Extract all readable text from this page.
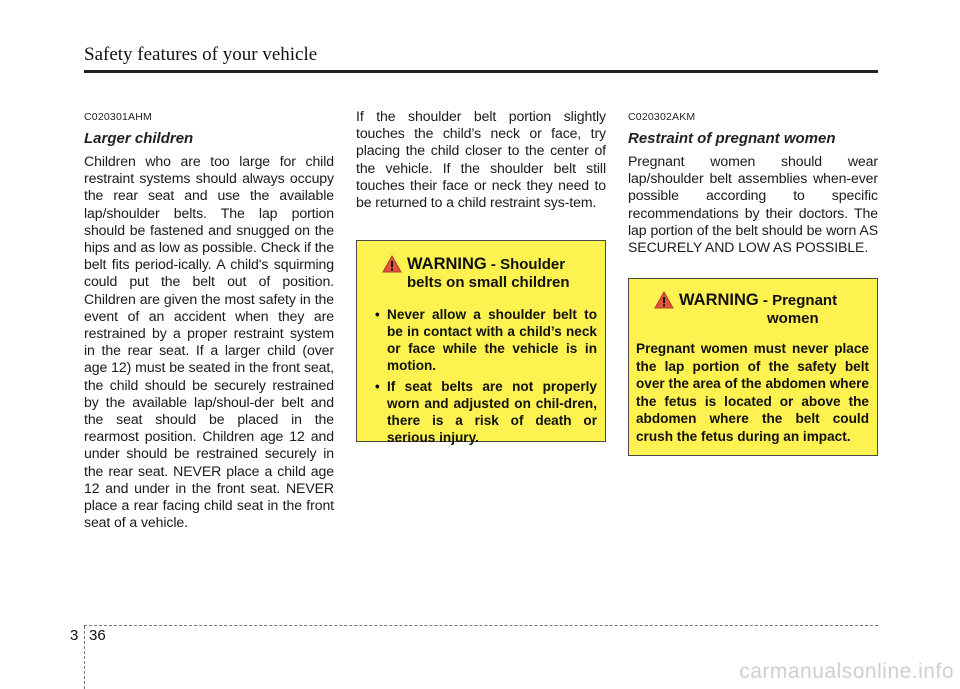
Safety features of your vehicle
C020301AHM
Larger children

Children who are too large for child restraint systems should always occupy the rear seat and use the available lap/shoulder belts. The lap portion should be fastened and snugged on the hips and as low as possible. Check if the belt fits period-ically. A child's squirming could put the belt out of position. Children are given the most safety in the event of an accident when they are restrained by a proper restraint system in the rear seat. If a larger child (over age 12) must be seated in the front seat, the child should be securely restrained by the available lap/shoul-der belt and the seat should be placed in the rearmost position. Children age 12 and under should be restrained securely in the rear seat. NEVER place a child age 12 and under in the front seat. NEVER place a rear facing child seat in the front seat of a vehicle.

If the shoulder belt portion slightly touches the child’s neck or face, try placing the child closer to the center of the vehicle. If the shoulder belt still touches their face or neck they need to be returned to a child restraint sys-tem.

WARNING - Shoulder
belts on small children
• Never allow a shoulder belt to be in contact with a child’s neck or face while the vehicle is in motion.
• If seat belts are not properly worn and adjusted on chil-dren, there is a risk of death or serious injury.
C020302AKM
Restraint of pregnant women

Pregnant women should wear lap/shoulder belt assemblies when-ever possible according to specific recommendations by their doctors. The lap portion of the belt should be worn AS SECURELY AND LOW AS POSSIBLE.

WARNING - Pregnant
women
Pregnant women must never place the lap portion of the safety belt over the area of the abdomen where the fetus is located or above the abdomen where the belt could crush the fetus during an impact.
3 36
carmanualsonline.info
